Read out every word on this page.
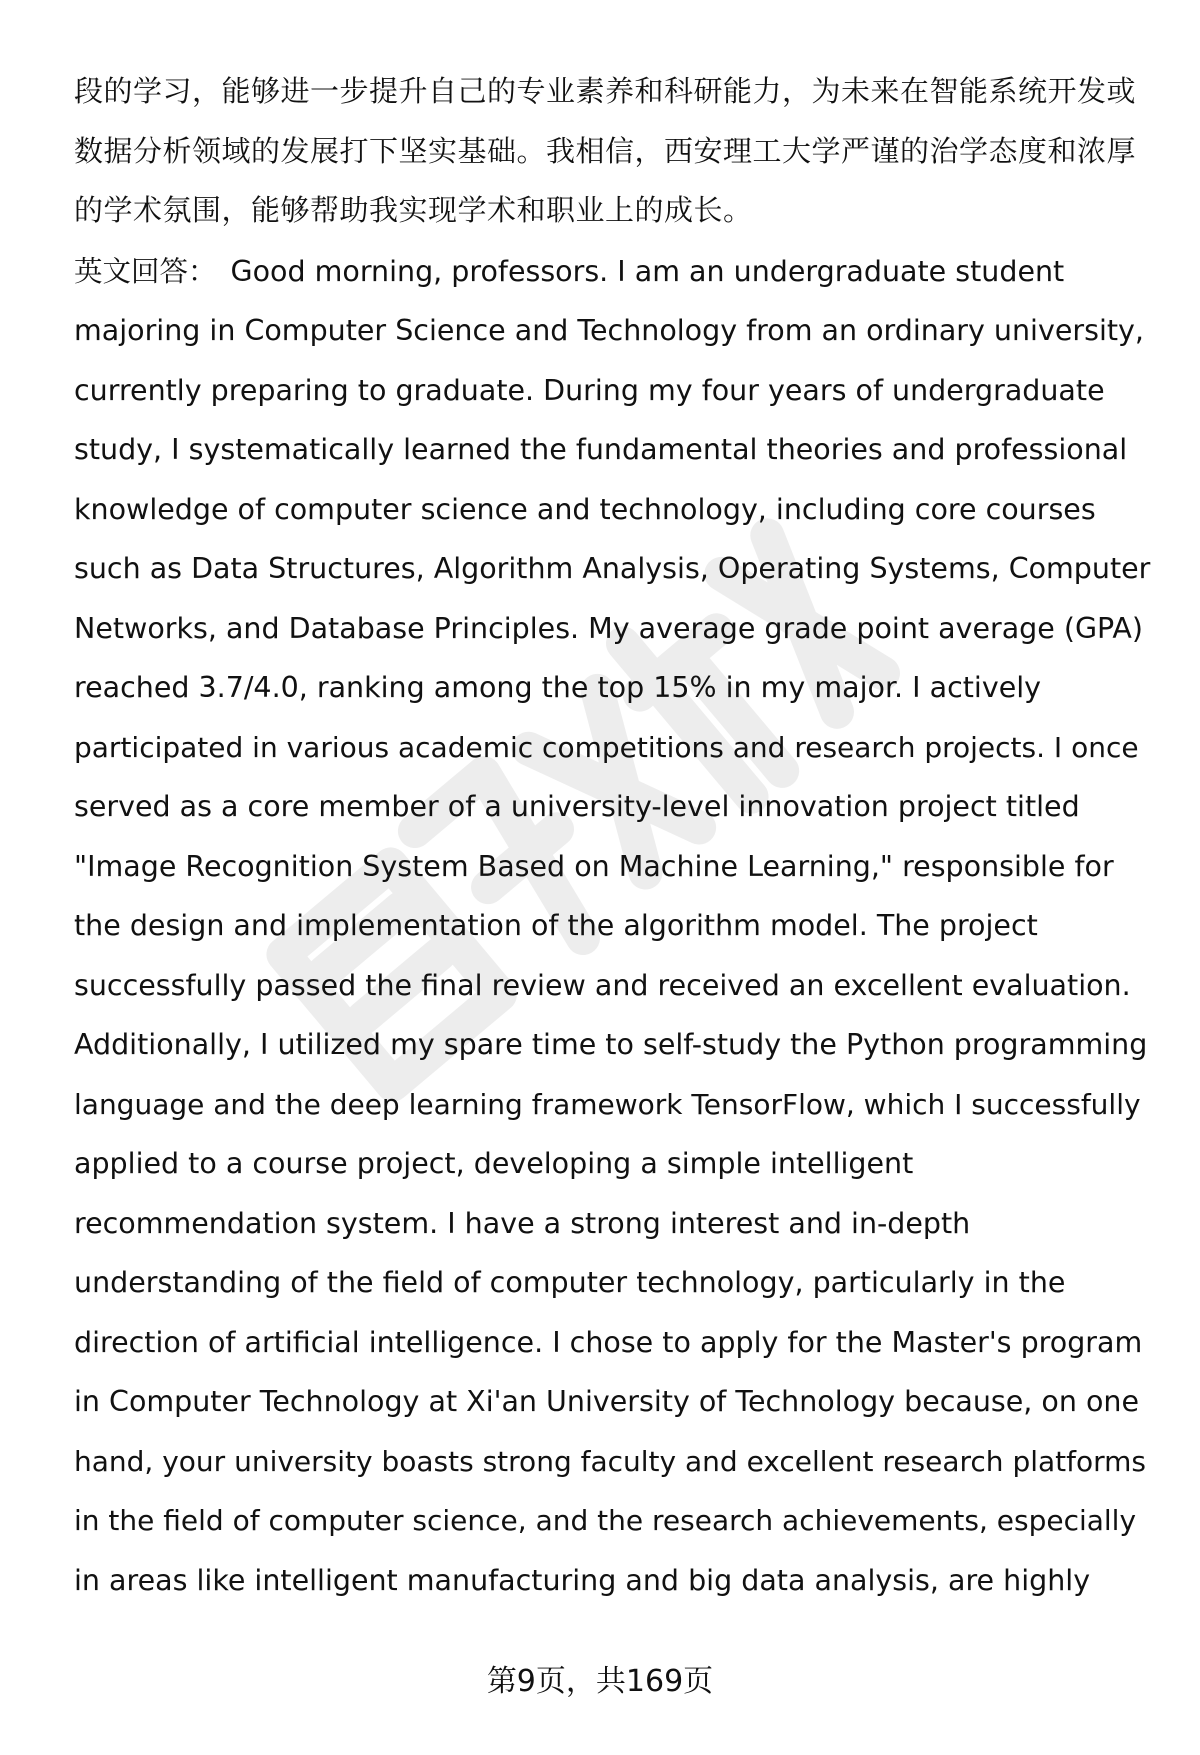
段的学习，能够进一步提升自己的专业素养和科研能力，为未来在智能系统开发或
数据分析领域的发展打下坚实基础。我相信，西安理工大学严谨的治学态度和浓厚
的学术氛围，能够帮助我实现学术和职业上的成长。

英文回答： Good morning, professors. I am an undergraduate student
majoring in Computer Science and Technology from an ordinary university,
currently preparing to graduate. During my four years of undergraduate
study, I systematically learned the fundamental theories and professional
knowledge of computer science and technology, including core courses
such as Data Structures, Algorithm Analysis, Operating Systems, Computer
Networks, and Database Principles. My average grade point average (GPA)
reached 3.7/4.0, ranking among the top 15% in my major. I actively
participated in various academic competitions and research projects. I once
served as a core member of a university-level innovation project titled
"Image Recognition System Based on Machine Learning," responsible for
the design and implementation of the algorithm model. The project
successfully passed the final review and received an excellent evaluation.
Additionally, I utilized my spare time to self-study the Python programming
language and the deep learning framework TensorFlow, which I successfully
applied to a course project, developing a simple intelligent
recommendation system. I have a strong interest and in-depth
understanding of the field of computer technology, particularly in the
direction of artificial intelligence. I chose to apply for the Master's program
in Computer Technology at Xi'an University of Technology because, on one
hand, your university boasts strong faculty and excellent research platforms
in the field of computer science, and the research achievements, especially
in areas like intelligent manufacturing and big data analysis, are highly

第9页，共169页
